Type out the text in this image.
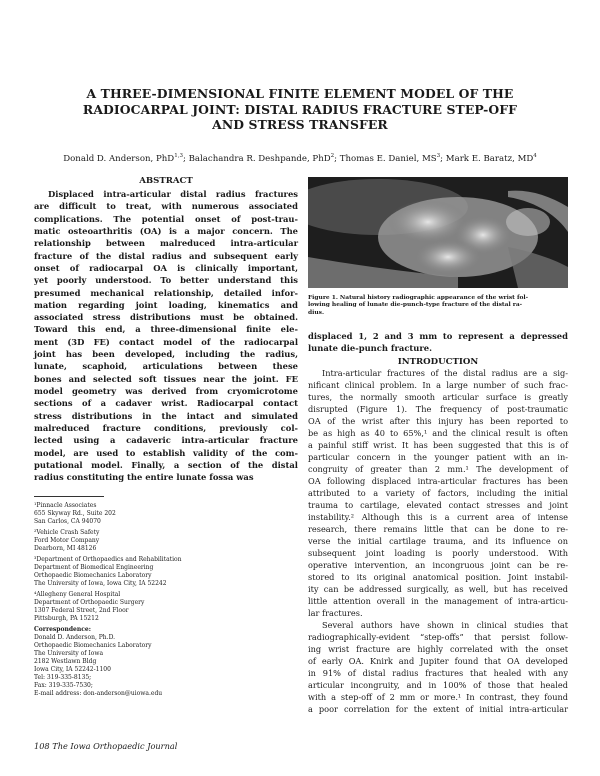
A THREE-DIMENSIONAL FINITE ELEMENT MODEL OF THE
RADIOCARPAL JOINT: DISTAL RADIUS FRACTURE STEP-OFF
AND STRESS TRANSFER
Donald D. Anderson, PhD$^{1,3}$; Balachandra R. Deshpande, PhD$^2$; Thomas E. Daniel, $MS^3$; Mark E. Baratz, $MD^4$
ABSTRACT
Displaced intra-articular distal radius fractures
are difficult to treat, with numerous associated
complications. The potential onset of post-trau-
matic osteoarthritis (OA) is a major concern. The
relationship between malreduced intra-articular
fracture of the distal radius and subsequent early
onset of radiocarpal OA is clinically important,
yet poorly understood. To better understand this
presumed mechanical relationship, detailed infor-
mation regarding joint loading, kinematics and
associated stress distributions must be obtained.
Toward this end, a three-dimensional finite ele-
ment (3D FE) contact model of the radiocarpal
joint has been developed, including the radius,
lunate, scaphoid, articulations between these
bones and selected soft tissues near the joint. FE
model geometry was derived from cryomicrotome
sections of a cadaver wrist. Radiocarpal contact
stress distributions in the intact and simulated
malreduced fracture conditions, previously col-
lected using a cadaveric intra-articular fracture
model, are used to establish validity of the com-
putational model. Finally, a section of the distal
radius constituting the entire lunate fossa was
¹Pinnacle Associates
655 Skyway Rd., Suite 202
San Carlos, CA 94070
²Vehicle Crash Safety
Ford Motor Company
Dearborn, MI 48126
³Department of Orthopaedics and Rehabilitation
Department of Biomedical Engineering
Orthopaedic Biomechanics Laboratory
The University of Iowa, Iowa City, IA 52242
⁴Allegheny General Hospital
Department of Orthopaedic Surgery
1307 Federal Street, 2nd Floor
Pittsburgh, PA 15212
Correspondence:
Donald D. Anderson, Ph.D.
Orthopaedic Biomechanics Laboratory
The University of Iowa
2182 Westlawn Bldg
Iowa City, IA 52242-1100
Tel: 319-335-8135;
Fax: 319-335-7530;
E-mail address: don-anderson@uiowa.edu
Figure 1. Natural history radiographic appearance of the wrist fol-
lowing healing of lunate die-punch-type fracture of the distal ra-
dius.
displaced 1, 2 and 3 mm to represent a depressed
lunate die-punch fracture.
INTRODUCTION
Intra-articular fractures of the distal radius are a sig-
nificant clinical problem. In a large number of such frac-
tures, the normally smooth articular surface is greatly
disrupted (Figure 1). The frequency of post-traumatic
OA of the wrist after this injury has been reported to
be as high as 40 to 65%,¹ and the clinical result is often
a painful stiff wrist. It has been suggested that this is of
particular concern in the younger patient with an in-
congruity of greater than 2 mm.¹ The development of
OA following displaced intra-articular fractures has been
attributed to a variety of factors, including the initial
trauma to cartilage, elevated contact stresses and joint
instability.² Although this is a current area of intense
research, there remains little that can be done to re-
verse the initial cartilage trauma, and its influence on
subsequent joint loading is poorly understood. With
operative intervention, an incongruous joint can be re-
stored to its original anatomical position. Joint instabil-
ity can be addressed surgically, as well, but has received
little attention overall in the management of intra-articu-
lar fractures.
Several authors have shown in clinical studies that
radiographically-evident “step-offs” that persist follow-
ing wrist fracture are highly correlated with the onset
of early OA. Knirk and Jupiter found that OA developed
in 91% of distal radius fractures that healed with any
articular incongruity, and in 100% of those that healed
with a step-off of 2 mm or more.¹ In contrast, they found
a poor correlation for the extent of initial intra-articular
108 The Iowa Orthopaedic Journal
